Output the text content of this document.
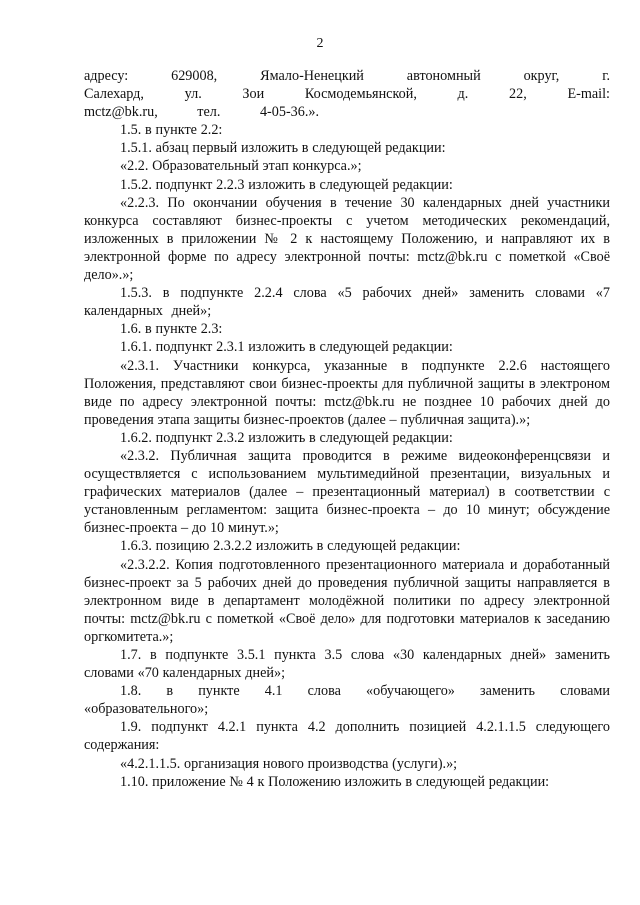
2

адресу: 629008, Ямало-Ненецкий автономный округ, г. Салехард, ул. Зои Космодемьянской, д. 22, E-mail: mctz@bk.ru, тел. 4-05-36.».

1.5. в пункте 2.2:

1.5.1. абзац первый изложить в следующей редакции:

«2.2. Образовательный этап конкурса.»;

1.5.2. подпункт 2.2.3 изложить в следующей редакции:

«2.2.3. По окончании обучения в течение 30 календарных дней участники конкурса составляют бизнес-проекты с учетом методических рекомендаций, изложенных в приложении № 2 к настоящему Положению, и направляют их в электронной форме по адресу электронной почты: mctz@bk.ru с пометкой «Своё дело».»;

1.5.3. в подпункте 2.2.4 слова «5 рабочих дней» заменить словами «7 календарных дней»;

1.6. в пункте 2.3:

1.6.1. подпункт 2.3.1 изложить в следующей редакции:

«2.3.1. Участники конкурса, указанные в подпункте 2.2.6 настоящего Положения, представляют свои бизнес-проекты для публичной защиты в электроном виде по адресу электронной почты: mctz@bk.ru не позднее 10 рабочих дней до проведения этапа защиты бизнес-проектов (далее – публичная защита).»;

1.6.2. подпункт 2.3.2 изложить в следующей редакции:

«2.3.2. Публичная защита проводится в режиме видеоконференцсвязи и осуществляется с использованием мультимедийной презентации, визуальных и графических материалов (далее – презентационный материал) в соответствии с установленным регламентом: защита бизнес-проекта – до 10 минут; обсуждение бизнес-проекта – до 10 минут.»;

1.6.3. позицию 2.3.2.2 изложить в следующей редакции:

«2.3.2.2. Копия подготовленного презентационного материала и доработанный бизнес-проект за 5 рабочих дней до проведения публичной защиты направляется в электронном виде в департамент молодёжной политики по адресу электронной почты: mctz@bk.ru с пометкой «Своё дело» для подготовки материалов к заседанию оргкомитета.»;

1.7. в подпункте 3.5.1 пункта 3.5 слова «30 календарных дней» заменить словами «70 календарных дней»;

1.8. в пункте 4.1 слова «обучающего» заменить словами «образовательного»;

1.9. подпункт 4.2.1 пункта 4.2 дополнить позицией 4.2.1.1.5 следующего содержания:

«4.2.1.1.5. организация нового производства (услуги).»;

1.10. приложение № 4 к Положению изложить в следующей редакции:
